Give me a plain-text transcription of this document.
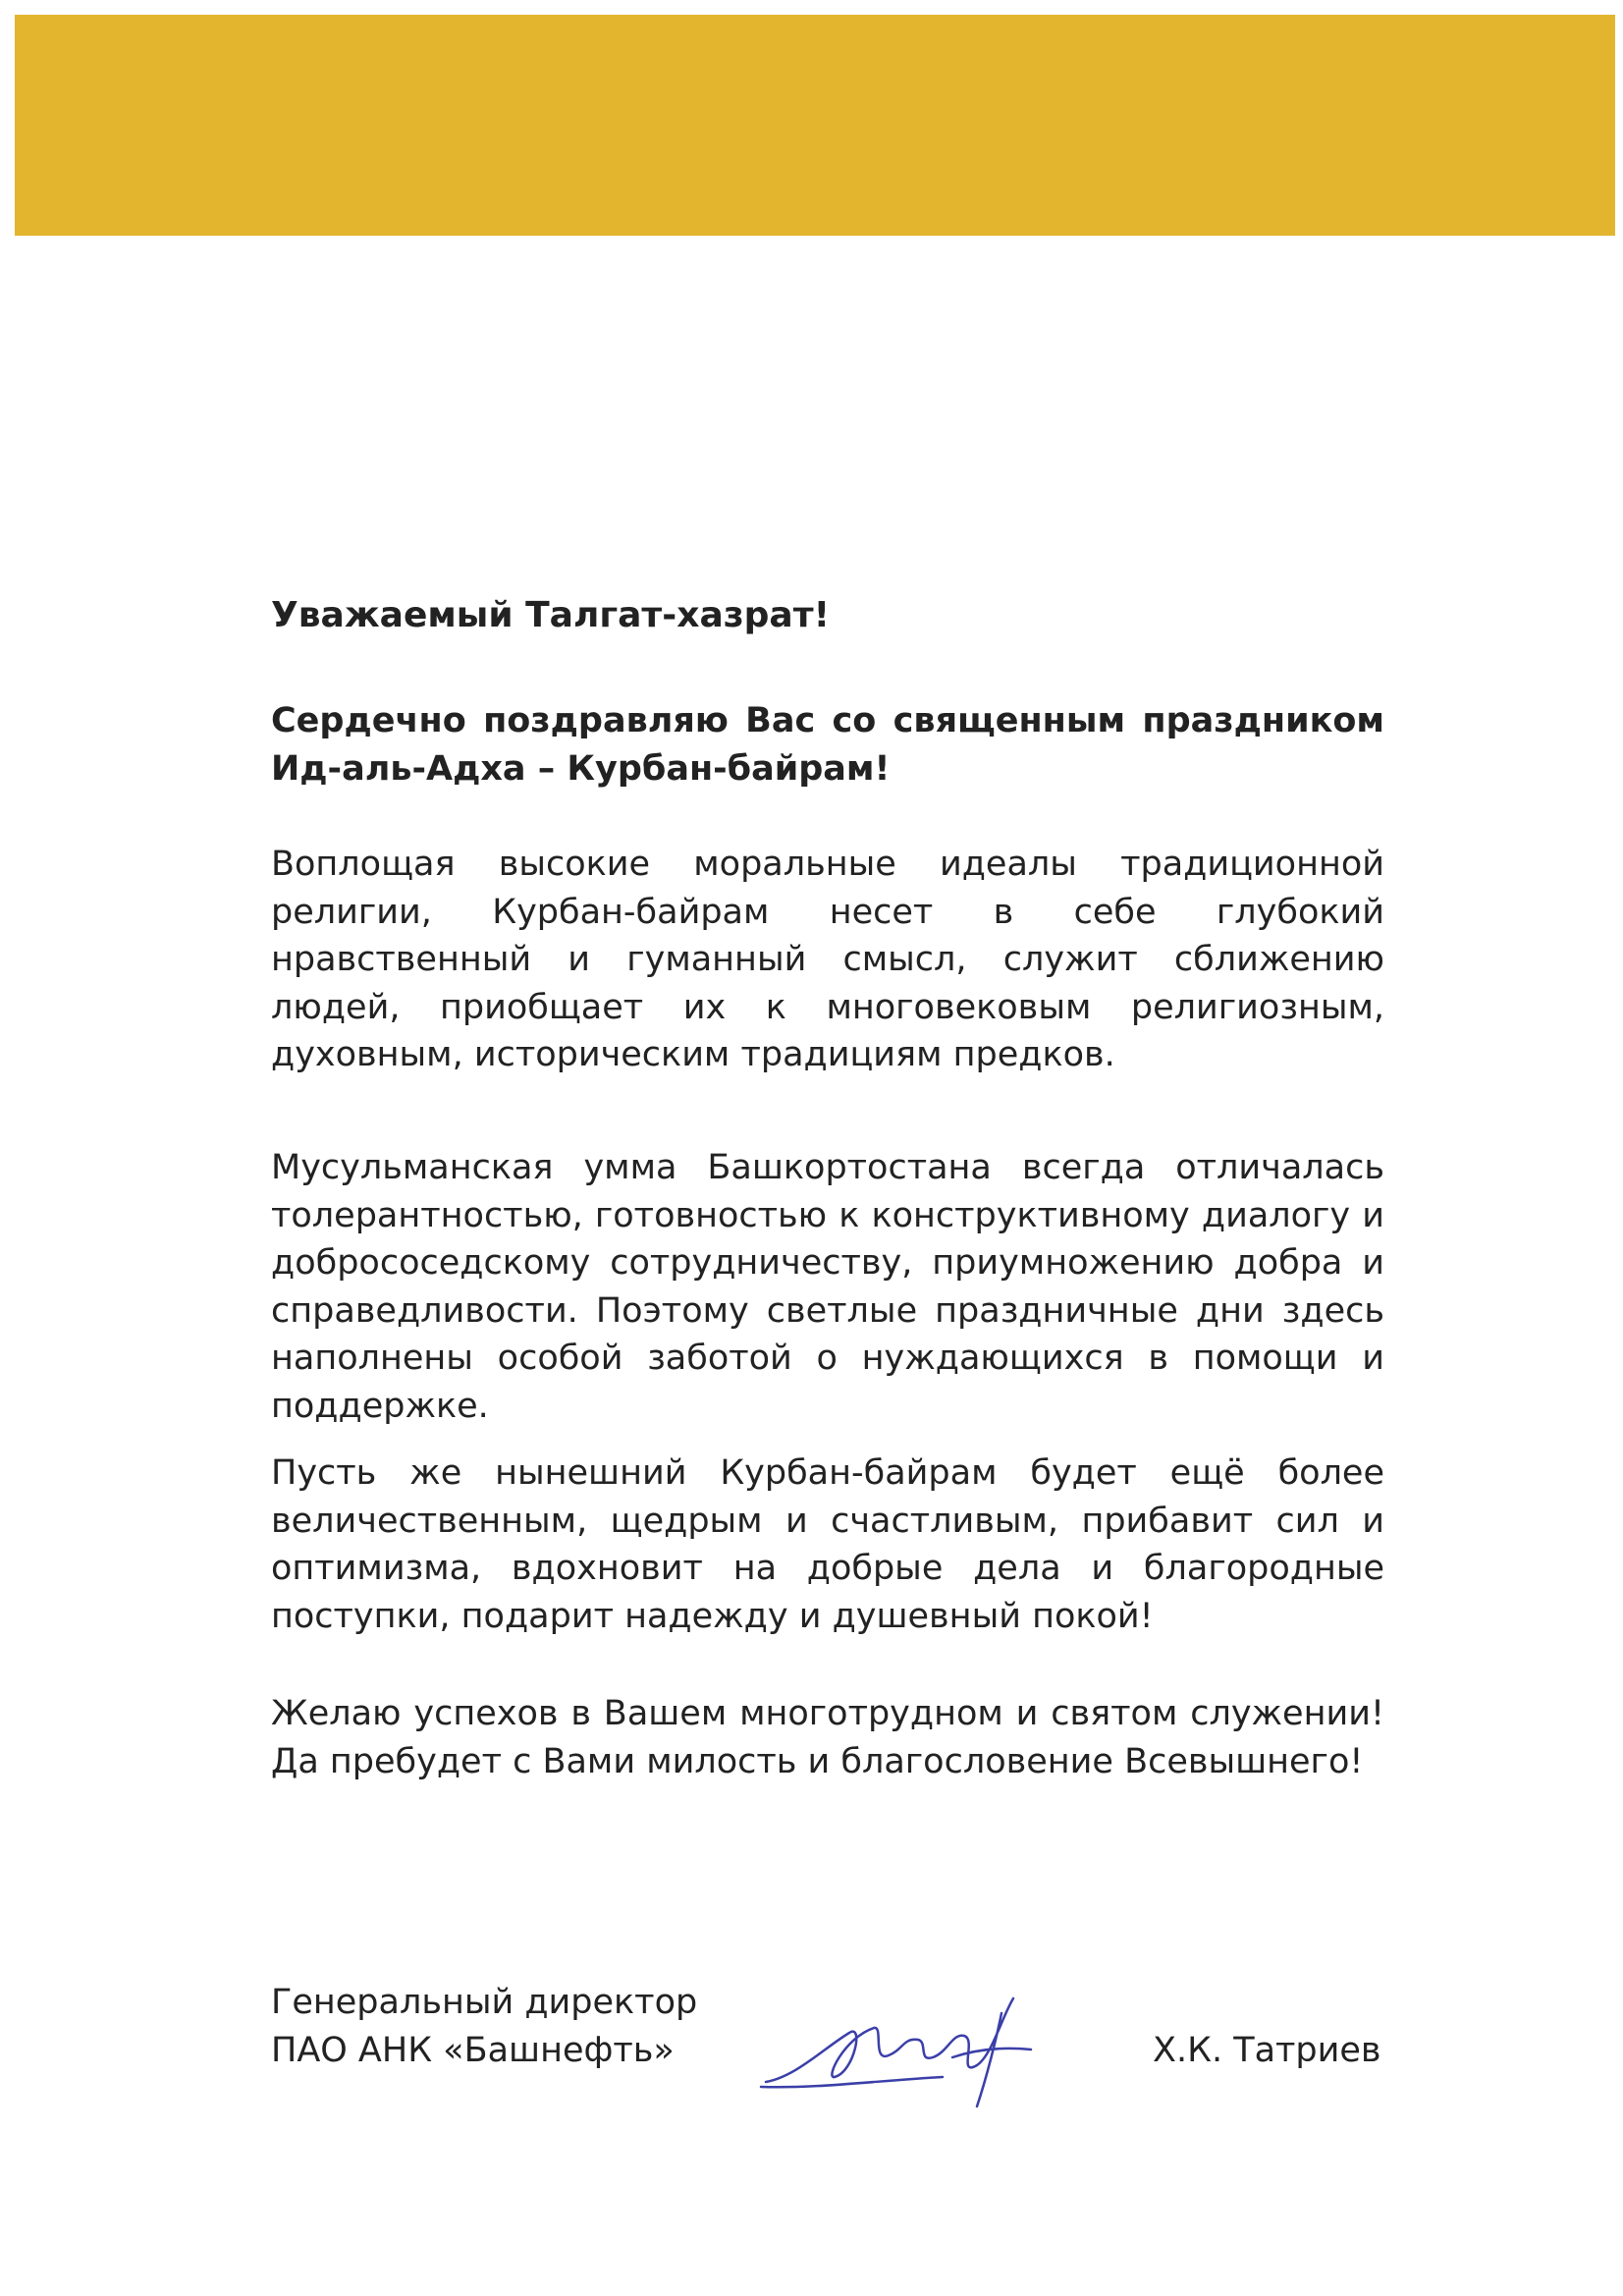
Уважаемый Талгат-хазрат!
Сердечно поздравляю Вас со священным праздником Ид-аль-Адха – Курбан-байрам!
Воплощая высокие моральные идеалы традиционной религии, Курбан-байрам несет в себе глубокий нравственный и гуманный смысл, служит сближению людей, приобщает их к многовековым религиозным, духовным, историческим традициям предков.
Мусульманская умма Башкортостана всегда отличалась толерантностью, готовностью к конструктивному диалогу и добрососедскому сотрудничеству, приумножению добра и справедливости. Поэтому светлые праздничные дни здесь наполнены особой заботой о нуждающихся в помощи и поддержке.
Пусть же нынешний Курбан-байрам будет ещё более величественным, щедрым и счастливым, прибавит сил и оптимизма, вдохновит на добрые дела и благородные поступки, подарит надежду и душевный покой!
Желаю успехов в Вашем многотрудном и святом служении! Да пребудет с Вами милость и благословение Всевышнего!
Генеральный директор
ПАО АНК «Башнефть»	Х.К. Татриев
